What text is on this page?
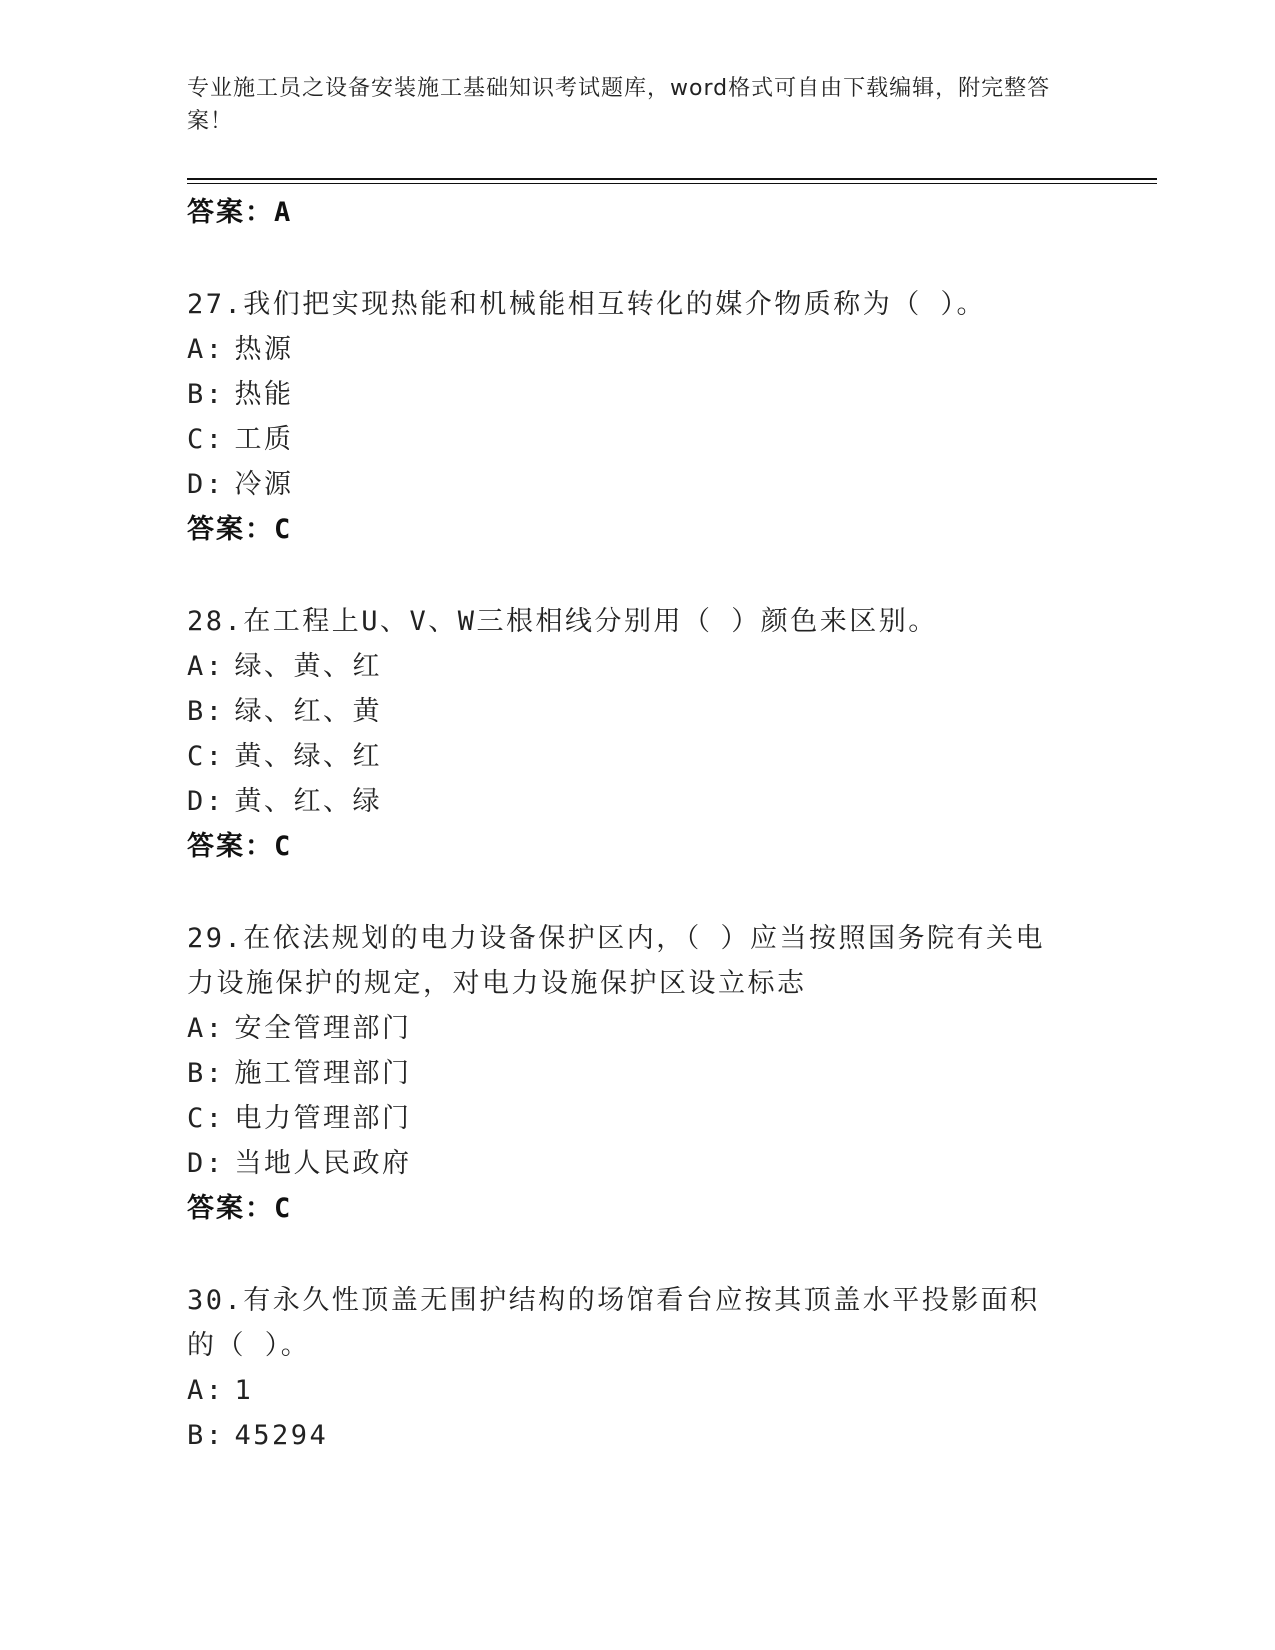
专业施工员之设备安装施工基础知识考试题库，word格式可自由下载编辑，附完整答案！
答案：A
27.我们把实现热能和机械能相互转化的媒介物质称为（ ）。
A: 热源
B: 热能
C: 工质
D: 冷源
答案：C
28.在工程上U、V、W三根相线分别用（ ）颜色来区别。
A: 绿、黄、红
B: 绿、红、黄
C: 黄、绿、红
D: 黄、红、绿
答案：C
29.在依法规划的电力设备保护区内，（ ）应当按照国务院有关电力设施保护的规定，对电力设施保护区设立标志
A: 安全管理部门
B: 施工管理部门
C: 电力管理部门
D: 当地人民政府
答案：C
30.有永久性顶盖无围护结构的场馆看台应按其顶盖水平投影面积的（ ）。
A: 1
B: 45294
